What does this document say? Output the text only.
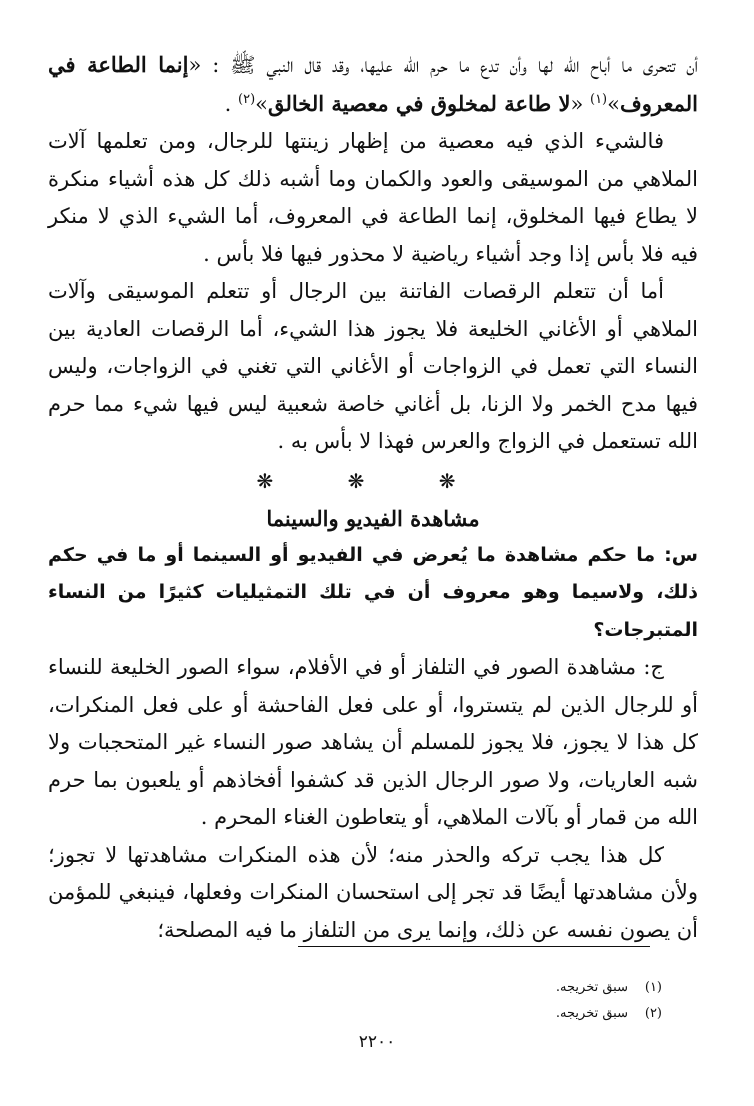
أن تتحرى ما أباح الله لها وأن تدع ما حرم الله عليها، وقد قال النبي ﷺ : «إنما الطاعة في المعروف»$^{(١)}$ «لا طاعة لمخلوق في معصية الخالق»$^{(٢)}$ .

فالشيء الذي فيه معصية من إظهار زينتها للرجال، ومن تعلمها آلات الملاهي من الموسيقى والعود والكمان وما أشبه ذلك كل هذه أشياء منكرة لا يطاع فيها المخلوق، إنما الطاعة في المعروف، أما الشيء الذي لا منكر فيه فلا بأس إذا وجد أشياء رياضية لا محذور فيها فلا بأس .

أما أن تتعلم الرقصات الفاتنة بين الرجال أو تتعلم الموسيقى وآلات الملاهي أو الأغاني الخليعة فلا يجوز هذا الشيء، أما الرقصات العادية بين النساء التي تعمل في الزواجات أو الأغاني التي تغني في الزواجات، وليس فيها مدح الخمر ولا الزنا، بل أغاني خاصة شعبية ليس فيها شيء مما حرم الله تستعمل في الزواج والعرس فهذا لا بأس به .

❋ ❋ ❋
مشاهدة الفيديو والسينما

س: ما حكم مشاهدة ما يُعرض في الفيديو أو السينما أو ما في حكم ذلك، ولاسيما وهو معروف أن في تلك التمثيليات كثيرًا من النساء المتبرجات؟

ج: مشاهدة الصور في التلفاز أو في الأفلام، سواء الصور الخليعة للنساء أو للرجال الذين لم يتستروا، أو على فعل الفاحشة أو على فعل المنكرات، كل هذا لا يجوز، فلا يجوز للمسلم أن يشاهد صور النساء غير المتحجبات ولا شبه العاريات، ولا صور الرجال الذين قد كشفوا أفخاذهم أو يلعبون بما حرم الله من قمار أو بآلات الملاهي، أو يتعاطون الغناء المحرم .

كل هذا يجب تركه والحذر منه؛ لأن هذه المنكرات مشاهدتها لا تجوز؛ ولأن مشاهدتها أيضًا قد تجر إلى استحسان المنكرات وفعلها، فينبغي للمؤمن أن يصون نفسه عن ذلك، وإنما يرى من التلفاز ما فيه المصلحة؛

(١)سبق تخريجه.
(٢)سبق تخريجه.
٢٢٠٠
